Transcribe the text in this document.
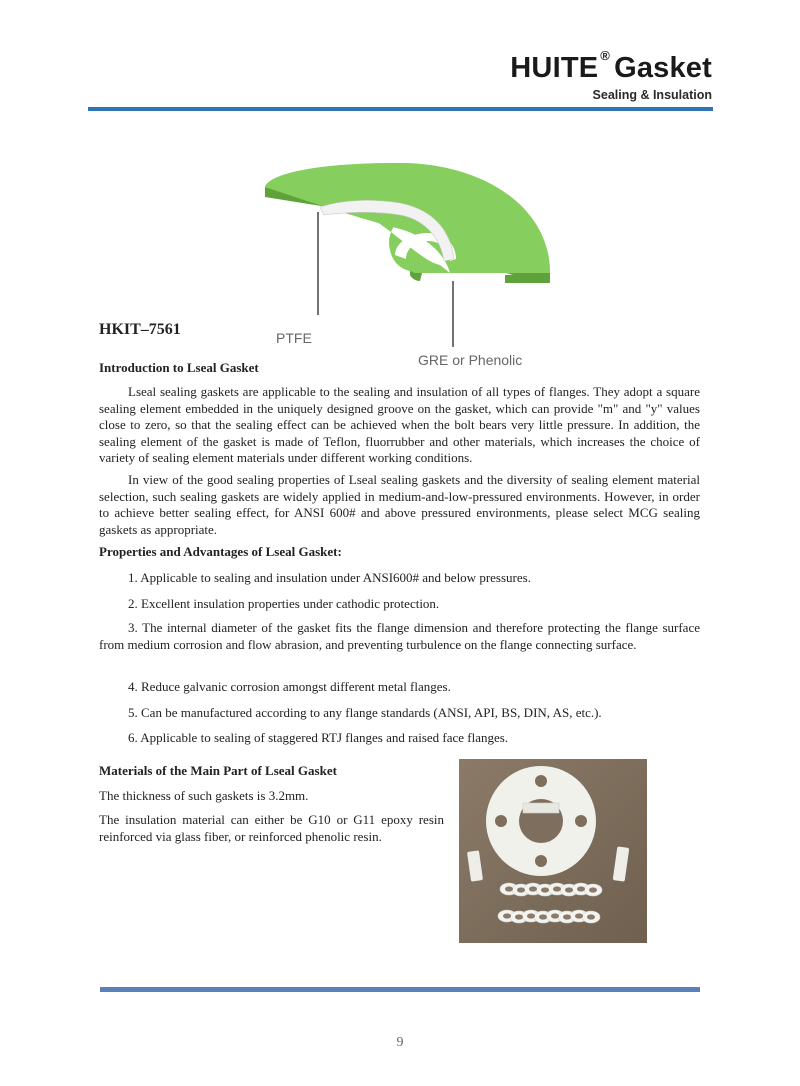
HUITE ® Gasket
Sealing & Insulation
PTFE
GRE or Phenolic
HKIT–7561
Introduction to Lseal Gasket
Lseal sealing gaskets are applicable to the sealing and insulation of all types of flanges. They adopt a square sealing element embedded in the uniquely designed groove on the gasket, which can provide "m" and "y" values close to zero, so that the sealing effect can be achieved when the bolt bears very little pressure. In addition, the sealing element of the gasket is made of Teflon, fluorrubber and other materials, which increases the choice of variety of sealing element materials under different working conditions.
In view of the good sealing properties of Lseal sealing gaskets and the diversity of sealing element material selection, such sealing gaskets are widely applied in medium-and-low-pressured environments. However, in order to achieve better sealing effect, for ANSI 600# and above pressured environments, please select MCG sealing gaskets as appropriate.
Properties and Advantages of Lseal Gasket:
1. Applicable to sealing and insulation under ANSI600# and below pressures.
2. Excellent insulation properties under cathodic protection.
3. The internal diameter of the gasket fits the flange dimension and therefore protecting the flange surface from medium corrosion and flow abrasion, and preventing turbulence on the flange connecting surface.
4. Reduce galvanic corrosion amongst different metal flanges.
5. Can be manufactured according to any flange standards (ANSI, API, BS, DIN, AS, etc.).
6. Applicable to sealing of staggered RTJ flanges and raised face flanges.
Materials of the Main Part of Lseal Gasket
The thickness of such gaskets is 3.2mm.
The insulation material can either be G10 or G11 epoxy resin reinforced via glass fiber, or reinforced phenolic resin.
9
